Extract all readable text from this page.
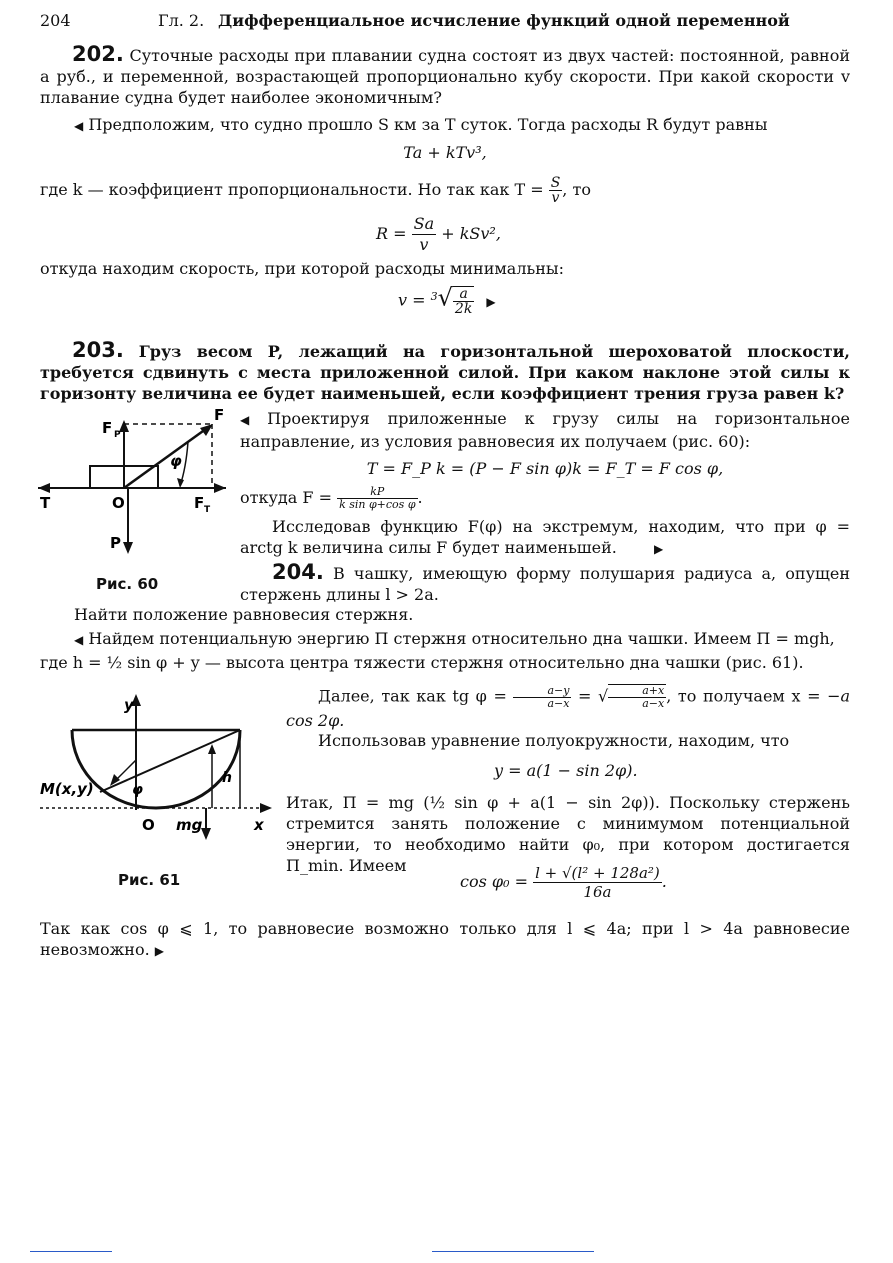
204	Гл. 2. Дифференциальное исчисление функций одной переменной
202. Суточные расходы при плавании судна состоят из двух частей: постоянной, равной a руб., и переменной, возрастающей пропорционально кубу скорости. При какой скорости v плавание судна будет наиболее экономичным?
◀ Предположим, что судно прошло S км за T суток. Тогда расходы R будут равны
Ta + kTv³,
где k — коэффициент пропорциональности. Но так как $T = \frac{S}{v}$ , то
$R = \frac{Sa}{v} + kSv^2$,
откуда находим скорость, при которой расходы минимальны:
$v = ^3√ \frac{a}{2k}$ ▶
203. Груз весом P, лежащий на горизонтальной шероховатой плоскости, требуется сдвинуть с места приложенной силой. При каком наклоне этой силы к горизонту величина ее будет наименьшей, если коэффициент трения груза равен k?
F P
F
φ
T	O	F T
P
Рис. 60
◀ Проектируя приложенные к грузу силы на горизонтальное направление, из условия равновесия их получаем (рис. 60):
T = F_P k = (P − F sin φ)k = F_T = F cos φ,
откуда $F = \frac{kP}{\text{k sin φ+cos φ}}$ .
Исследовав функцию F(φ) на экстремум, находим, что при φ = arctg k величина силы F будет наименьшей.	▶
204. В чашку, имеющую форму полушария радиуса a, опущен стержень длины l > 2a.
Найти положение равновесия стержня.
◀ Найдем потенциальную энергию П стержня относительно дна чашки. Имеем П = mgh,
где h = ½ sin φ + y — высота центра тяжести стержня относительно дна чашки (рис. 61).
y
M(x,y)	φ
h
O mg	x
Рис. 61
Далее, так как tg $\varphi = \frac{a-y}{a-x}$ = √ $\frac{a+x}{a-x}$ , то получаем x = −a cos 2φ.
Использовав уравнение полуокружности, находим, что
y = a(1 − sin 2φ).
Итак, П = mg (½ sin φ + a(1 − sin 2φ)). Поскольку стержень стремится занять положение с минимумом потенциальной энергии, то необходимо найти φ₀, при котором достигается П_min. Имеем
$\cos \varphi_0 = \frac{\text{l + √(l² + 128a²)}}{16a}$ .
Так как cos φ ⩽ 1, то равновесие возможно только для l ⩽ 4a; при l > 4a равновесие невозможно. ▶
